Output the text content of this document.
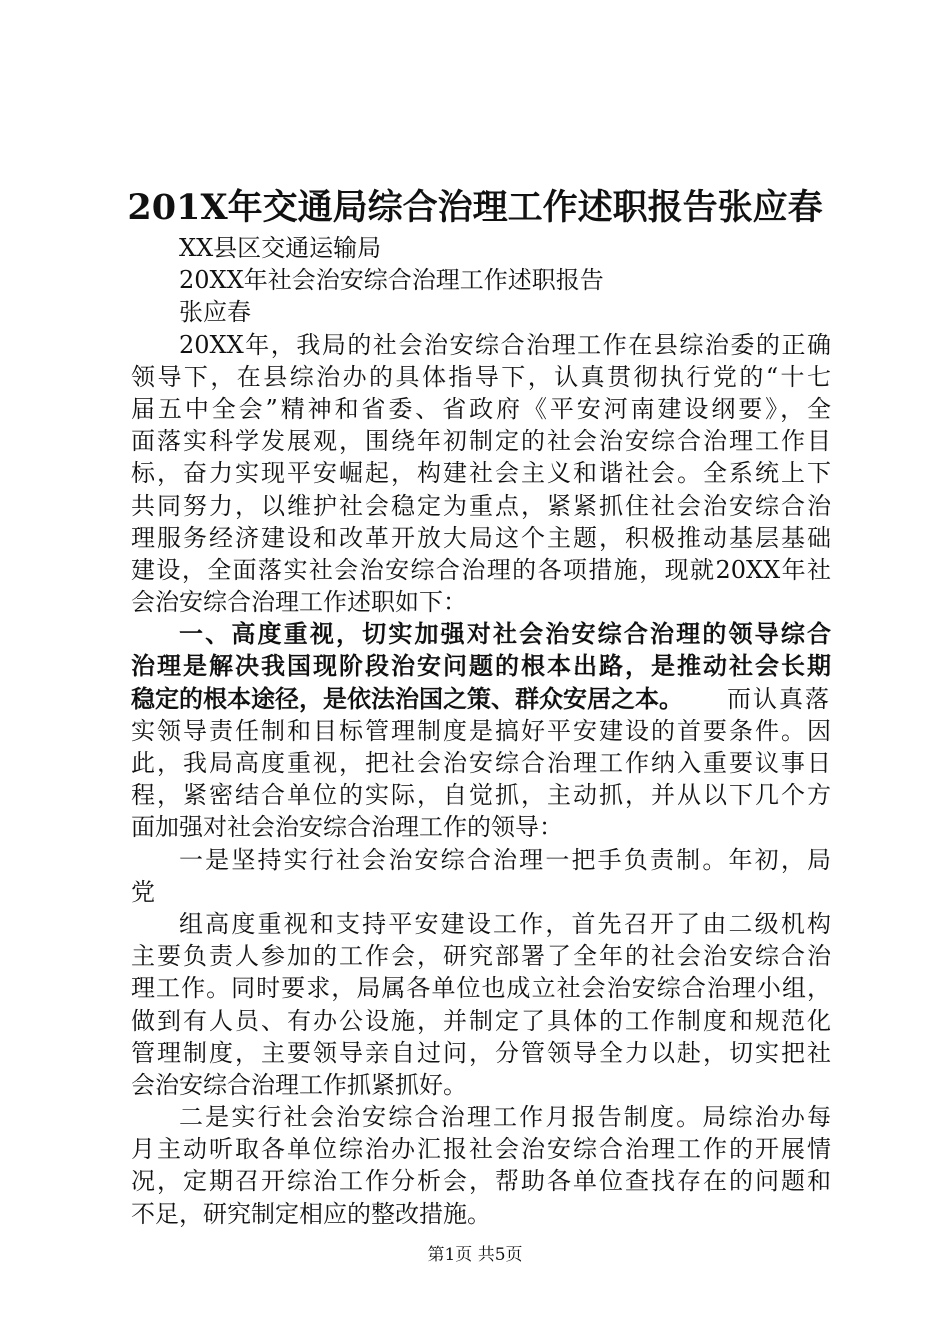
201X年交通局综合治理工作述职报告张应春
XX县区交通运输局
20XX年社会治安综合治理工作述职报告
张应春
20XX年，我局的社会治安综合治理工作在县综治委的正确
领导下，在县综治办的具体指导下，认真贯彻执行党的“十七
届五中全会”精神和省委、省政府《平安河南建设纲要》，全
面落实科学发展观，围绕年初制定的社会治安综合治理工作目
标，奋力实现平安崛起，构建社会主义和谐社会。全系统上下
共同努力，以维护社会稳定为重点，紧紧抓住社会治安综合治
理服务经济建设和改革开放大局这个主题，积极推动基层基础
建设，全面落实社会治安综合治理的各项措施，现就20XX年社
会治安综合治理工作述职如下：
一、高度重视，切实加强对社会治安综合治理的领导综合
治理是解决我国现阶段治安问题的根本出路，是推动社会长期
稳定的根本途径，是依法治国之策、群众安居之本。 而认真落
实领导责任制和目标管理制度是搞好平安建设的首要条件。因
此，我局高度重视，把社会治安综合治理工作纳入重要议事日
程，紧密结合单位的实际，自觉抓，主动抓，并从以下几个方
面加强对社会治安综合治理工作的领导：
一是坚持实行社会治安综合治理一把手负责制。年初，局
党
组高度重视和支持平安建设工作，首先召开了由二级机构
主要负责人参加的工作会，研究部署了全年的社会治安综合治
理工作。同时要求，局属各单位也成立社会治安综合治理小组，
做到有人员、有办公设施，并制定了具体的工作制度和规范化
管理制度，主要领导亲自过问，分管领导全力以赴，切实把社
会治安综合治理工作抓紧抓好。
二是实行社会治安综合治理工作月报告制度。局综治办每
月主动听取各单位综治办汇报社会治安综合治理工作的开展情
况，定期召开综治工作分析会，帮助各单位查找存在的问题和
不足，研究制定相应的整改措施。
第1页 共5页
